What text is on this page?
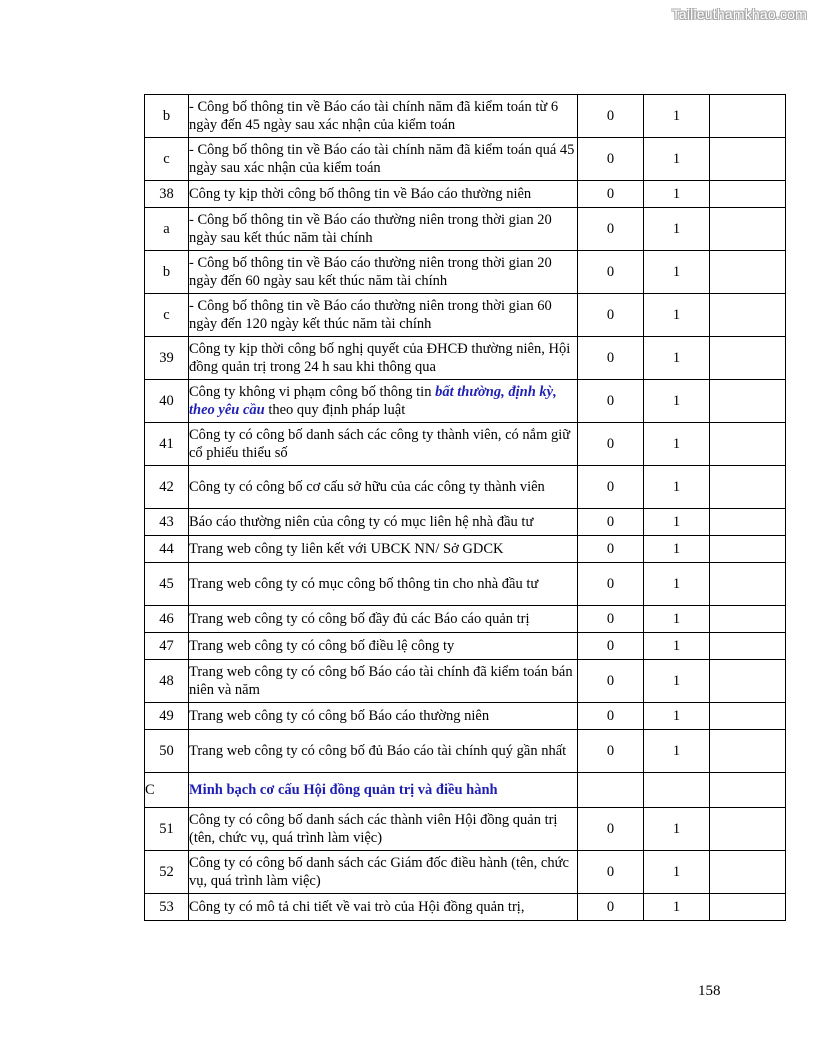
Tailieuthamkhao.com
b	- Công bố thông tin về Báo cáo tài chính năm đã kiểm toán từ 6 ngày đến 45 ngày sau xác nhận của kiểm toán	0	1	
c	- Công bố thông tin về Báo cáo tài chính năm đã kiểm toán quá 45 ngày sau xác nhận của kiểm toán	0	1	
38	Công ty kịp thời công bố thông tin về Báo cáo thường niên	0	1	
a	- Công bố thông tin về Báo cáo thường niên trong thời gian 20 ngày sau kết thúc năm tài chính	0	1	
b	- Công bố thông tin về Báo cáo thường niên trong thời gian 20 ngày đến 60 ngày sau kết thúc năm tài chính	0	1	
c	- Công bố thông tin về Báo cáo thường niên trong thời gian 60 ngày đến 120 ngày kết thúc năm tài chính	0	1	
39	Công ty kịp thời công bố nghị quyết của ĐHCĐ thường niên, Hội đồng quản trị trong 24 h sau khi thông qua	0	1	
40	Công ty không vi phạm công bố thông tin bất thường, định kỳ, theo yêu cầu theo quy định pháp luật	0	1	
41	Công ty có công bố danh sách các công ty thành viên, có nắm giữ cổ phiếu thiểu số	0	1	
42	Công ty có công bố cơ cấu sở hữu của các công ty thành viên	0	1	
43	Báo cáo thường niên của công ty có mục liên hệ nhà đầu tư	0	1	
44	Trang web công ty liên kết với UBCK NN/ Sở GDCK	0	1	
45	Trang web công ty có mục công bố thông tin cho nhà đầu tư	0	1	
46	Trang web công ty có công bố đầy đủ các Báo cáo quản trị	0	1	
47	Trang web công ty có công bố điều lệ công ty	0	1	
48	Trang web công ty có công bố Báo cáo tài chính đã kiểm toán bán niên và năm	0	1	
49	Trang web công ty có công bố Báo cáo thường niên	0	1	
50	Trang web công ty có công bố đủ Báo cáo tài chính quý gần nhất	0	1	
C	Minh bạch cơ cấu Hội đồng quản trị và điều hành			
51	Công ty có công bố danh sách các thành viên Hội đồng quản trị (tên, chức vụ, quá trình làm việc)	0	1	
52	Công ty có công bố danh sách các Giám đốc điều hành (tên, chức vụ, quá trình làm việc)	0	1	
53	Công ty có mô tả chi tiết về vai trò của Hội đồng quản trị,	0	1	
158
